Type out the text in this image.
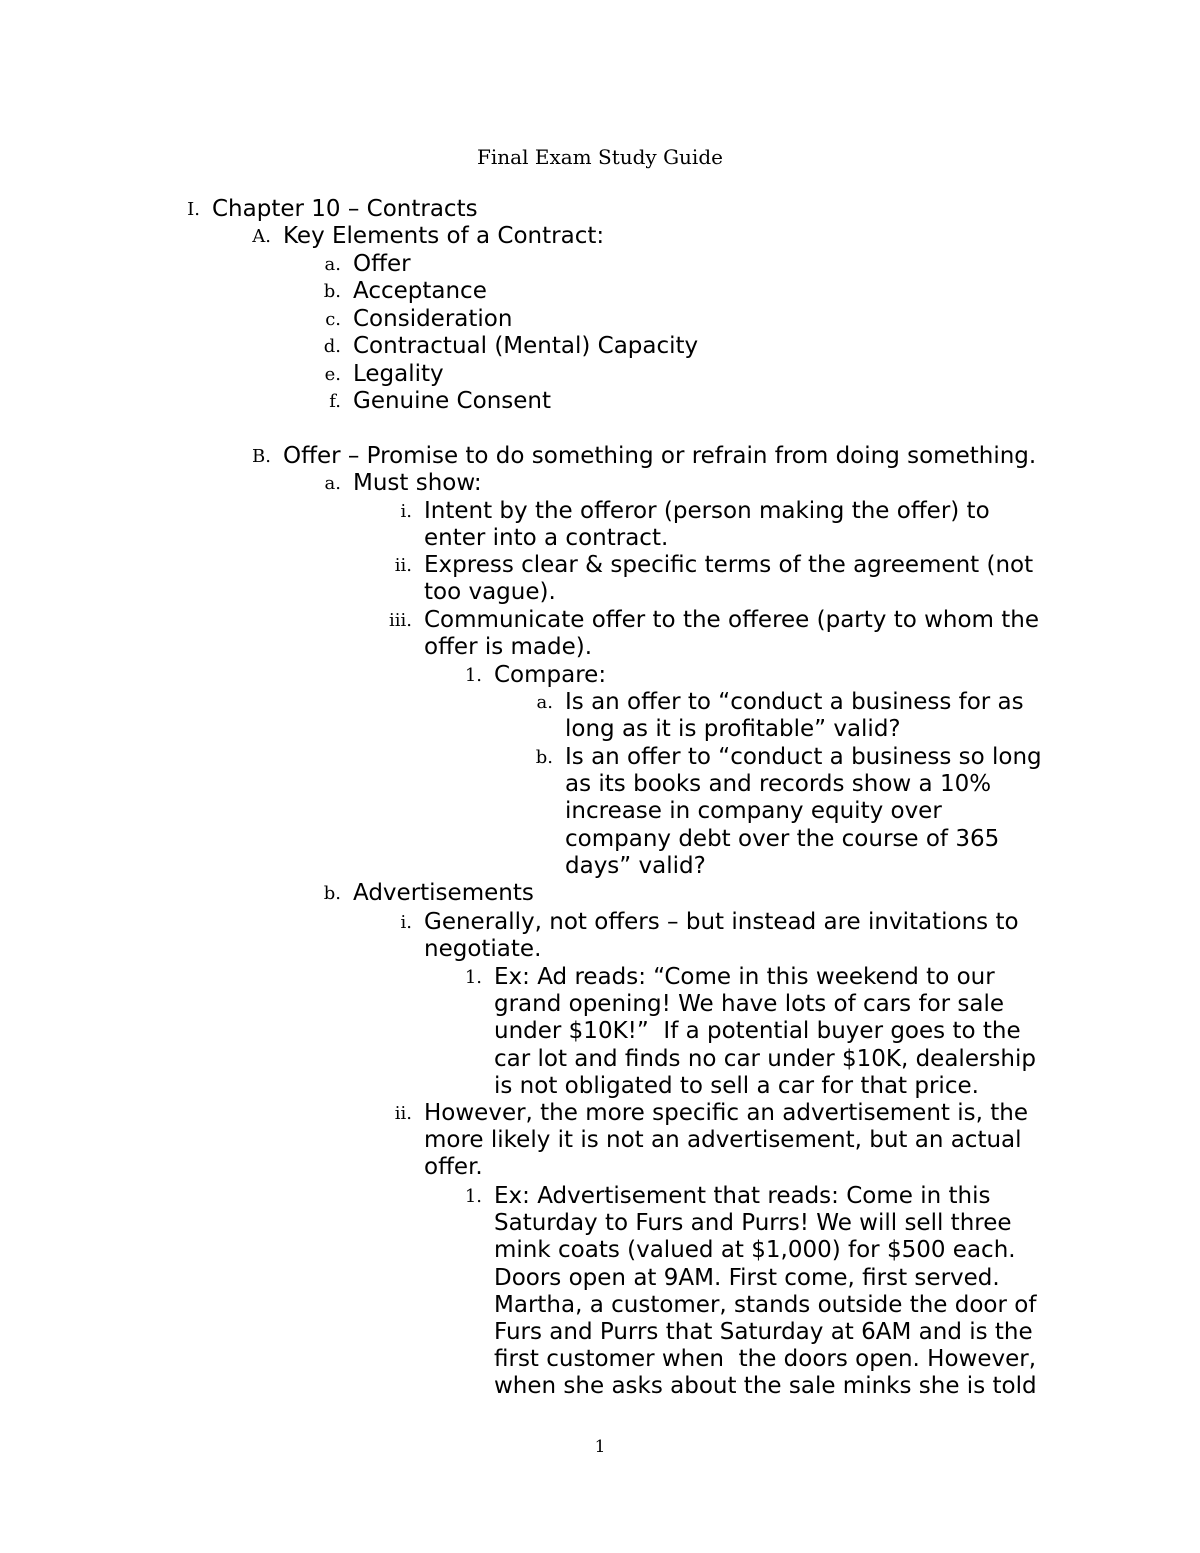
Final Exam Study Guide
I. Chapter 10 – Contracts
A. Key Elements of a Contract:
a. Offer
b. Acceptance
c. Consideration
d. Contractual (Mental) Capacity
e. Legality
f. Genuine Consent
B. Offer – Promise to do something or refrain from doing something.
a. Must show:
i. Intent by the offeror (person making the offer) to
enter into a contract.
ii. Express clear & specific terms of the agreement (not
too vague).
iii. Communicate offer to the offeree (party to whom the
offer is made).
1. Compare:
a. Is an offer to “conduct a business for as
long as it is profitable” valid?
b. Is an offer to “conduct a business so long
as its books and records show a 10%
increase in company equity over
company debt over the course of 365
days” valid?
b. Advertisements
i. Generally, not offers – but instead are invitations to
negotiate.
1. Ex: Ad reads: “Come in this weekend to our
grand opening! We have lots of cars for sale
under $10K!”  If a potential buyer goes to the
car lot and finds no car under $10K, dealership
is not obligated to sell a car for that price.
ii. However, the more specific an advertisement is, the
more likely it is not an advertisement, but an actual
offer.
1. Ex: Advertisement that reads: Come in this
Saturday to Furs and Purrs! We will sell three
mink coats (valued at $1,000) for $500 each.
Doors open at 9AM. First come, first served.
Martha, a customer, stands outside the door of
Furs and Purrs that Saturday at 6AM and is the
first customer when  the doors open. However,
when she asks about the sale minks she is told
1
